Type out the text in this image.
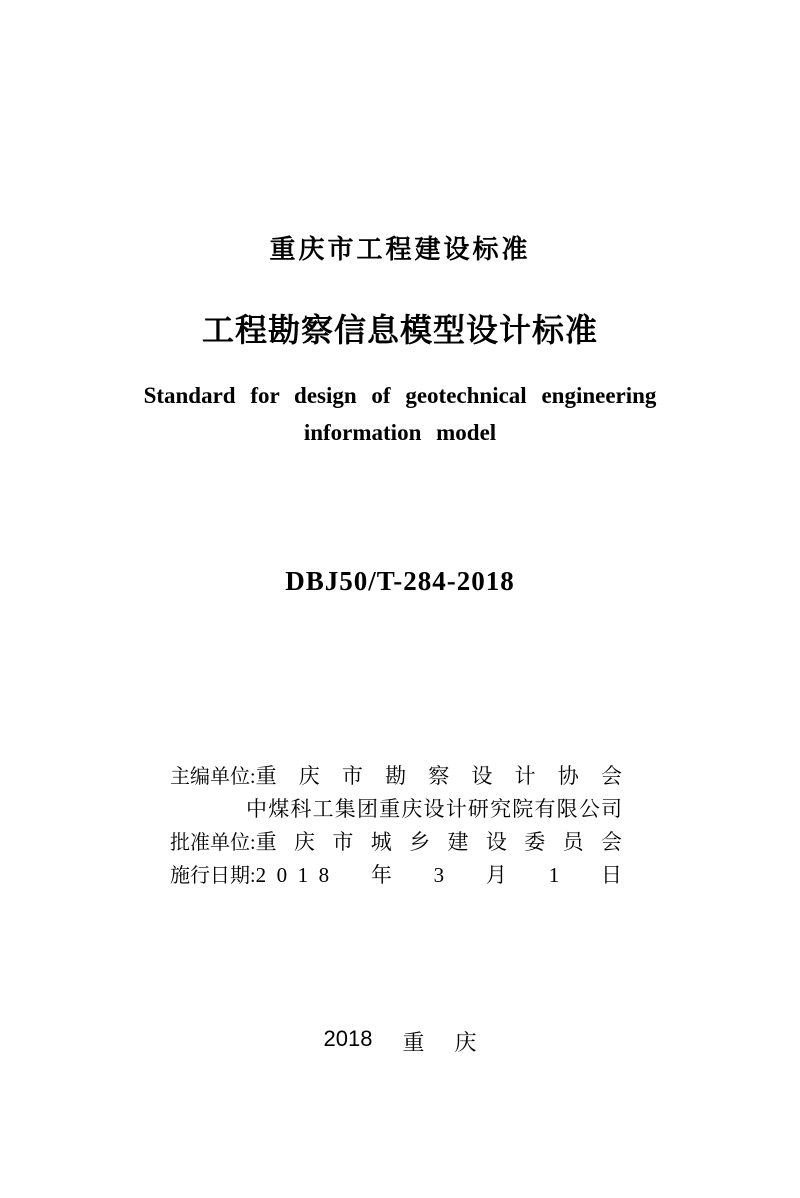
重庆市工程建设标准
工程勘察信息模型设计标准
Standard for design of geotechnical engineering
information model
DBJ50/T-284-2018
主编单位: 重 庆 市 勘 察 设 计 协 会
中 煤 科 工 集 团 重 庆 设 计 研 究 院 有 限 公 司
批准单位: 重 庆 市 城 乡 建 设 委 员 会
施行日期: 2 0 1 8 年 3 月 1 日
2018 重 庆
